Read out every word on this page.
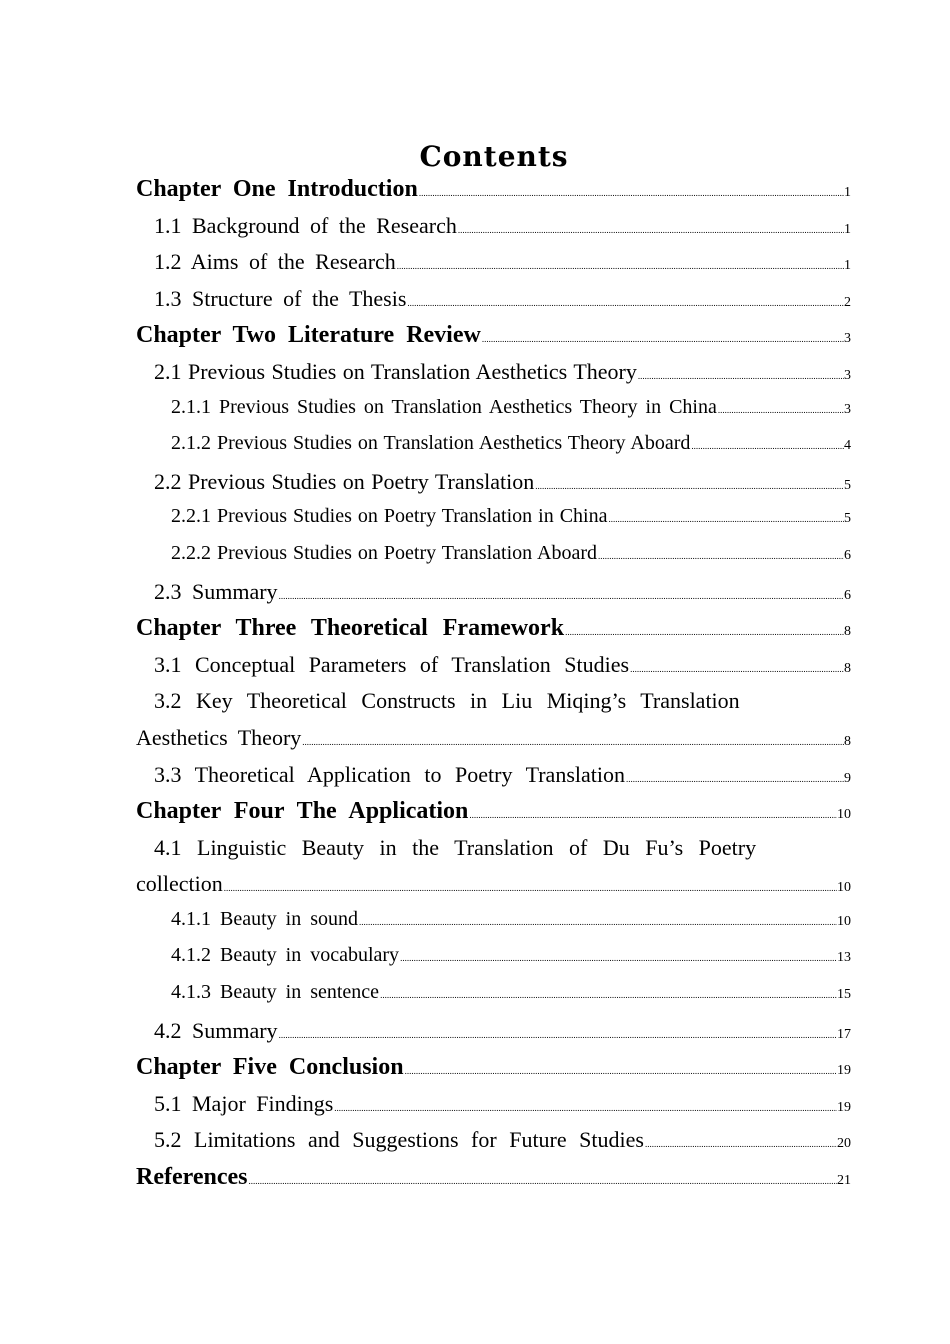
Contents
Chapter One Introduction .....	1
1.1 Background of the Research .....	1
1.2 Aims of the Research .....	1
1.3 Structure of the Thesis .....	2
Chapter Two Literature Review .....	3
2.1 Previous Studies on Translation Aesthetics Theory .....	3
2.1.1 Previous Studies on Translation Aesthetics Theory in China .....	3
2.1.2 Previous Studies on Translation Aesthetics Theory Aboard .....	4
2.2 Previous Studies on Poetry Translation .....	5
2.2.1 Previous Studies on Poetry Translation in China .....	5
2.2.2 Previous Studies on Poetry Translation Aboard .....	6
2.3 Summary .....	6
Chapter Three Theoretical Framework .....	8
3.1 Conceptual Parameters of Translation Studies .....	8
3.2 Key Theoretical Constructs in Liu Miqing’s Translation
Aesthetics Theory .....	8
3.3 Theoretical Application to Poetry Translation .....	9
Chapter Four The Application .....	10
4.1 Linguistic Beauty in the Translation of Du Fu’s Poetry
collection .....	10
4.1.1 Beauty in sound .....	10
4.1.2 Beauty in vocabulary .....	13
4.1.3 Beauty in sentence .....	15
4.2 Summary .....	17
Chapter Five Conclusion .....	19
5.1 Major Findings .....	19
5.2 Limitations and Suggestions for Future Studies .....	20
References .....	21
